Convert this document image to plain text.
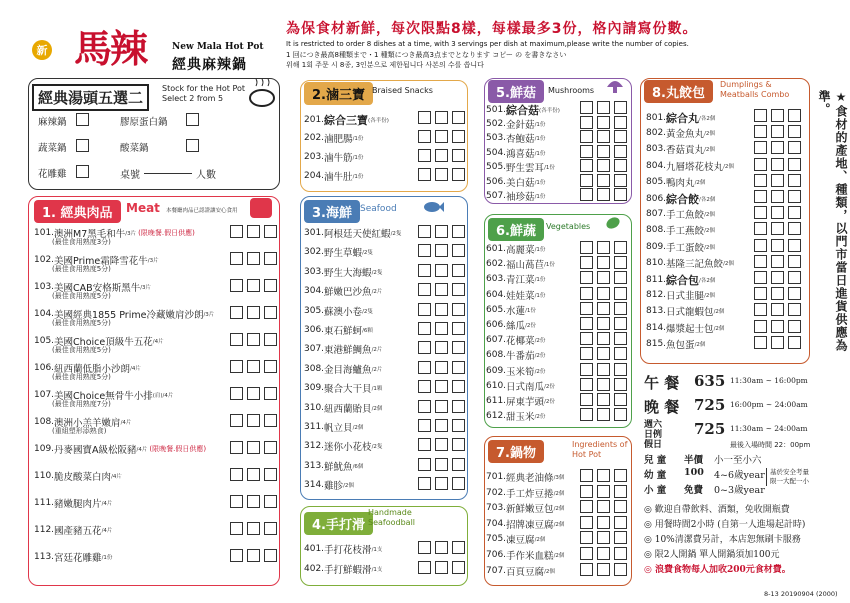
新 馬辣	New Mala Hot Pot
經典麻辣鍋
為保食材新鮮，每次限點8樣，每樣最多3份，格內請寫份數。
It is restricted to order 8 dishes at a time, with 3 servings per dish at maximum,please write the number of copies.
1 回につき最高8種類まで・1 種類につき最高3点までとなります コピー の を書きなさい
위해 1회 주문 시 8종, 3인분으로 제한됩니다 사본의 수를 씁니다
經典湯頭五選二
Stock for the Hot Pot
Select 2 from 5
麻辣鍋	膠原蛋白鍋
蔬菜鍋	酸菜鍋
花雕雞	桌號	人數
1. 經典肉品	Meat 本餐廳肉品已認證讓安心食用
101. 澳洲M7黑毛和牛 /3片 (限晚餐.假日供應)
(最佳食用熟度3分)
102. 美國Prime霜降雪花牛 /3片
(最佳食用熟度5分)
103. 美國CAB安格斯黑牛 /3片
(最佳食用熟度5分)
104. 美國經典1855 Prime冷藏嫩肩沙朗 /3片
(最佳食用熟度5分)
105. 美國Choice頂級牛五花 /4片
(最佳食用熟度5分)
106. 紐西蘭低脂小沙朗 /4片
(最佳食用熟度5分)
107. 美國Choice無骨牛小排 (肩)/4片
(最佳食用熟度7分)
108. 澳洲小羔羊嫩肩 /4片
(重組塑形添熟食)
109. 丹麥國寶A級松阪豬 /4片 (限晚餐.假日供應)
110. 脆皮酸菜白肉 /4片
111. 豬嫩腿肉片 /4片
112. 國產豬五花 /4片
113. 宮廷花雕雞 /1份
2.滷三寶 Braised Snacks
201. 綜合三寶 (各半份)
202. 滷肥腸 /1份
203. 滷牛筋 /1份
204. 滷牛肚 /1份
3.海鮮 Seafood
301. 阿根廷天使紅蝦 /2隻
302. 野生草蝦 /2隻
303. 野生大海蝦 /2隻
304. 鮮嫩巴沙魚 /2片
305. 蘇澳小卷 /2隻
306. 東石鮮蚵 /6顆
307. 東港鮮鯛魚 /2片
308. 金目海鱸魚 /2片
309. 聚合大干貝 /1顆
310. 紐西蘭貽貝 /2個
311. 帆立貝 /2個
312. 迷你小花枝 /2隻
313. 鮮魷魚 /6個
314. 雞胗 /2個
4.手打滑
Handmade
Seafoodball
401. 手打花枝滑 /1支
402. 手打鮮蝦滑 /1支
5.鮮菇	Mushrooms
501. 綜合菇 (各半份)
502. 金針菇 /1份
503. 杏鮑菇 /1份
504. 鴻喜菇 /1份
505. 野生雲耳 /1份
506. 美白菇 /1份
507. 袖珍菇 /1份
6.鮮蔬	Vegetables
601. 高麗菜 /1份
602. 福山萵苣 /1份
603. 青江菜 /1份
604. 娃娃菜 /1份
605. 水蓮 /1份
606. 絲瓜 /2份
607. 花椰菜 /2份
608. 牛番茄 /2份
609. 玉米筍 /2份
610. 日式南瓜 /2份
611. 屏東芋頭 /2份
612. 甜玉米 /2份
7.鍋物
Ingredients of
Hot Pot
701. 經典老油條 /3個
702. 手工炸豆捲 /2個
703. 新鮮嫩豆包 /2個
704. 招牌凍豆腐 /2個
705. 凍豆腐 /2個
706. 手作米血糕 /2個
707. 百頁豆腐 /2個
8.丸餃包
Dumplings &
Meatballs Combo
801. 綜合丸 /各2個
802. 黃金魚丸 /2個
803. 香菇貢丸 /2個
804. 九層塔花枝丸 /2個
805. 鴨肉丸 /2個
806. 綜合餃 /各2個
807. 手工魚餃 /2個
808. 手工燕餃 /2個
809. 手工蛋餃 /2個
810. 基隆三記魚餃 /2個
811. 綜合包 /各2個
812. 日式韭腿 /2個
813. 日式龍蝦包 /2個
814. 爆漿起士包 /2個
815. 魚包蛋 /2個	★食材的產地、種類，以門市當日進貨供應為準。
午 餐 635 11:30am ~ 16:00pm
晚 餐 725 16:00pm ~ 24:00am
週六日例假日
725 11:30am ~ 24:00am
最後入場時間 22：00pm
兒 童 半價 小一至小六
幼 童 100 4~6歲year
小 童 免費 0~3歲year
基於安全考量
限一大配一小
◎ 歡迎自帶飲料、酒類，免收開瓶費
◎ 用餐時間2小時 (自第一人進場起計時)
◎ 10%清潔費另計，本店恕無刷卡服務
◎ 限2人開鍋 單人開鍋須加100元
◎ 浪費食物每人加收200元食材費。
8-13 20190904 (2000)
